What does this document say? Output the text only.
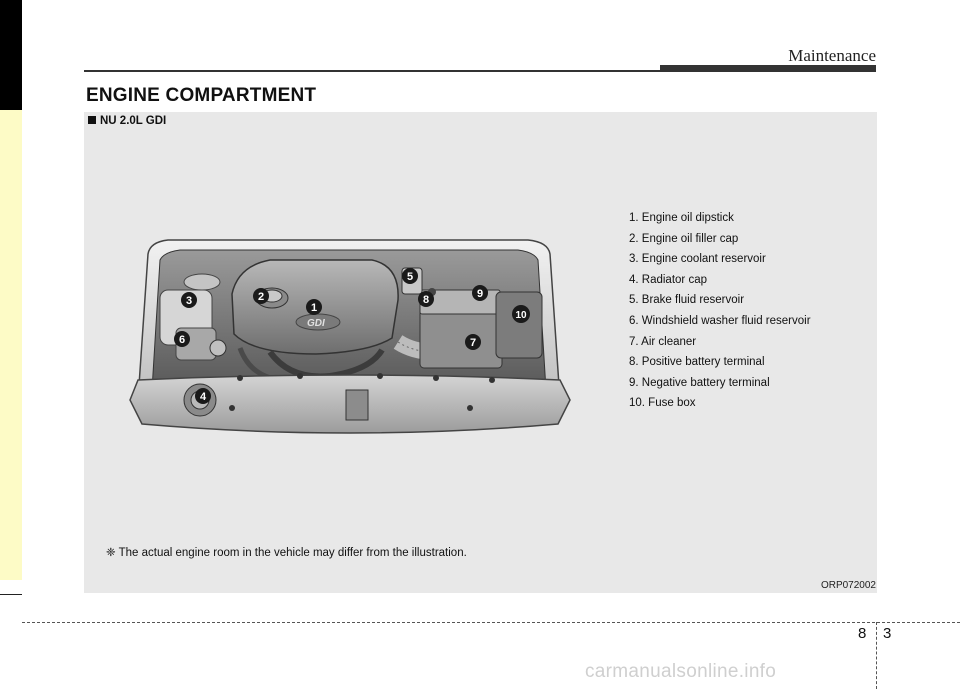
Maintenance
ENGINE COMPARTMENT
NU 2.0L GDI
GDI
1
2
3
4
5
6	7
8	9
10
1. Engine oil dipstick
2. Engine oil filler cap
3. Engine coolant reservoir
4. Radiator cap
5. Brake fluid reservoir
6. Windshield washer fluid reservoir
7. Air cleaner
8. Positive battery terminal
9. Negative battery terminal
10. Fuse box
❈ The actual engine room in the vehicle may differ from the illustration.
ORP072002
8 3
carmanualsonline.info
